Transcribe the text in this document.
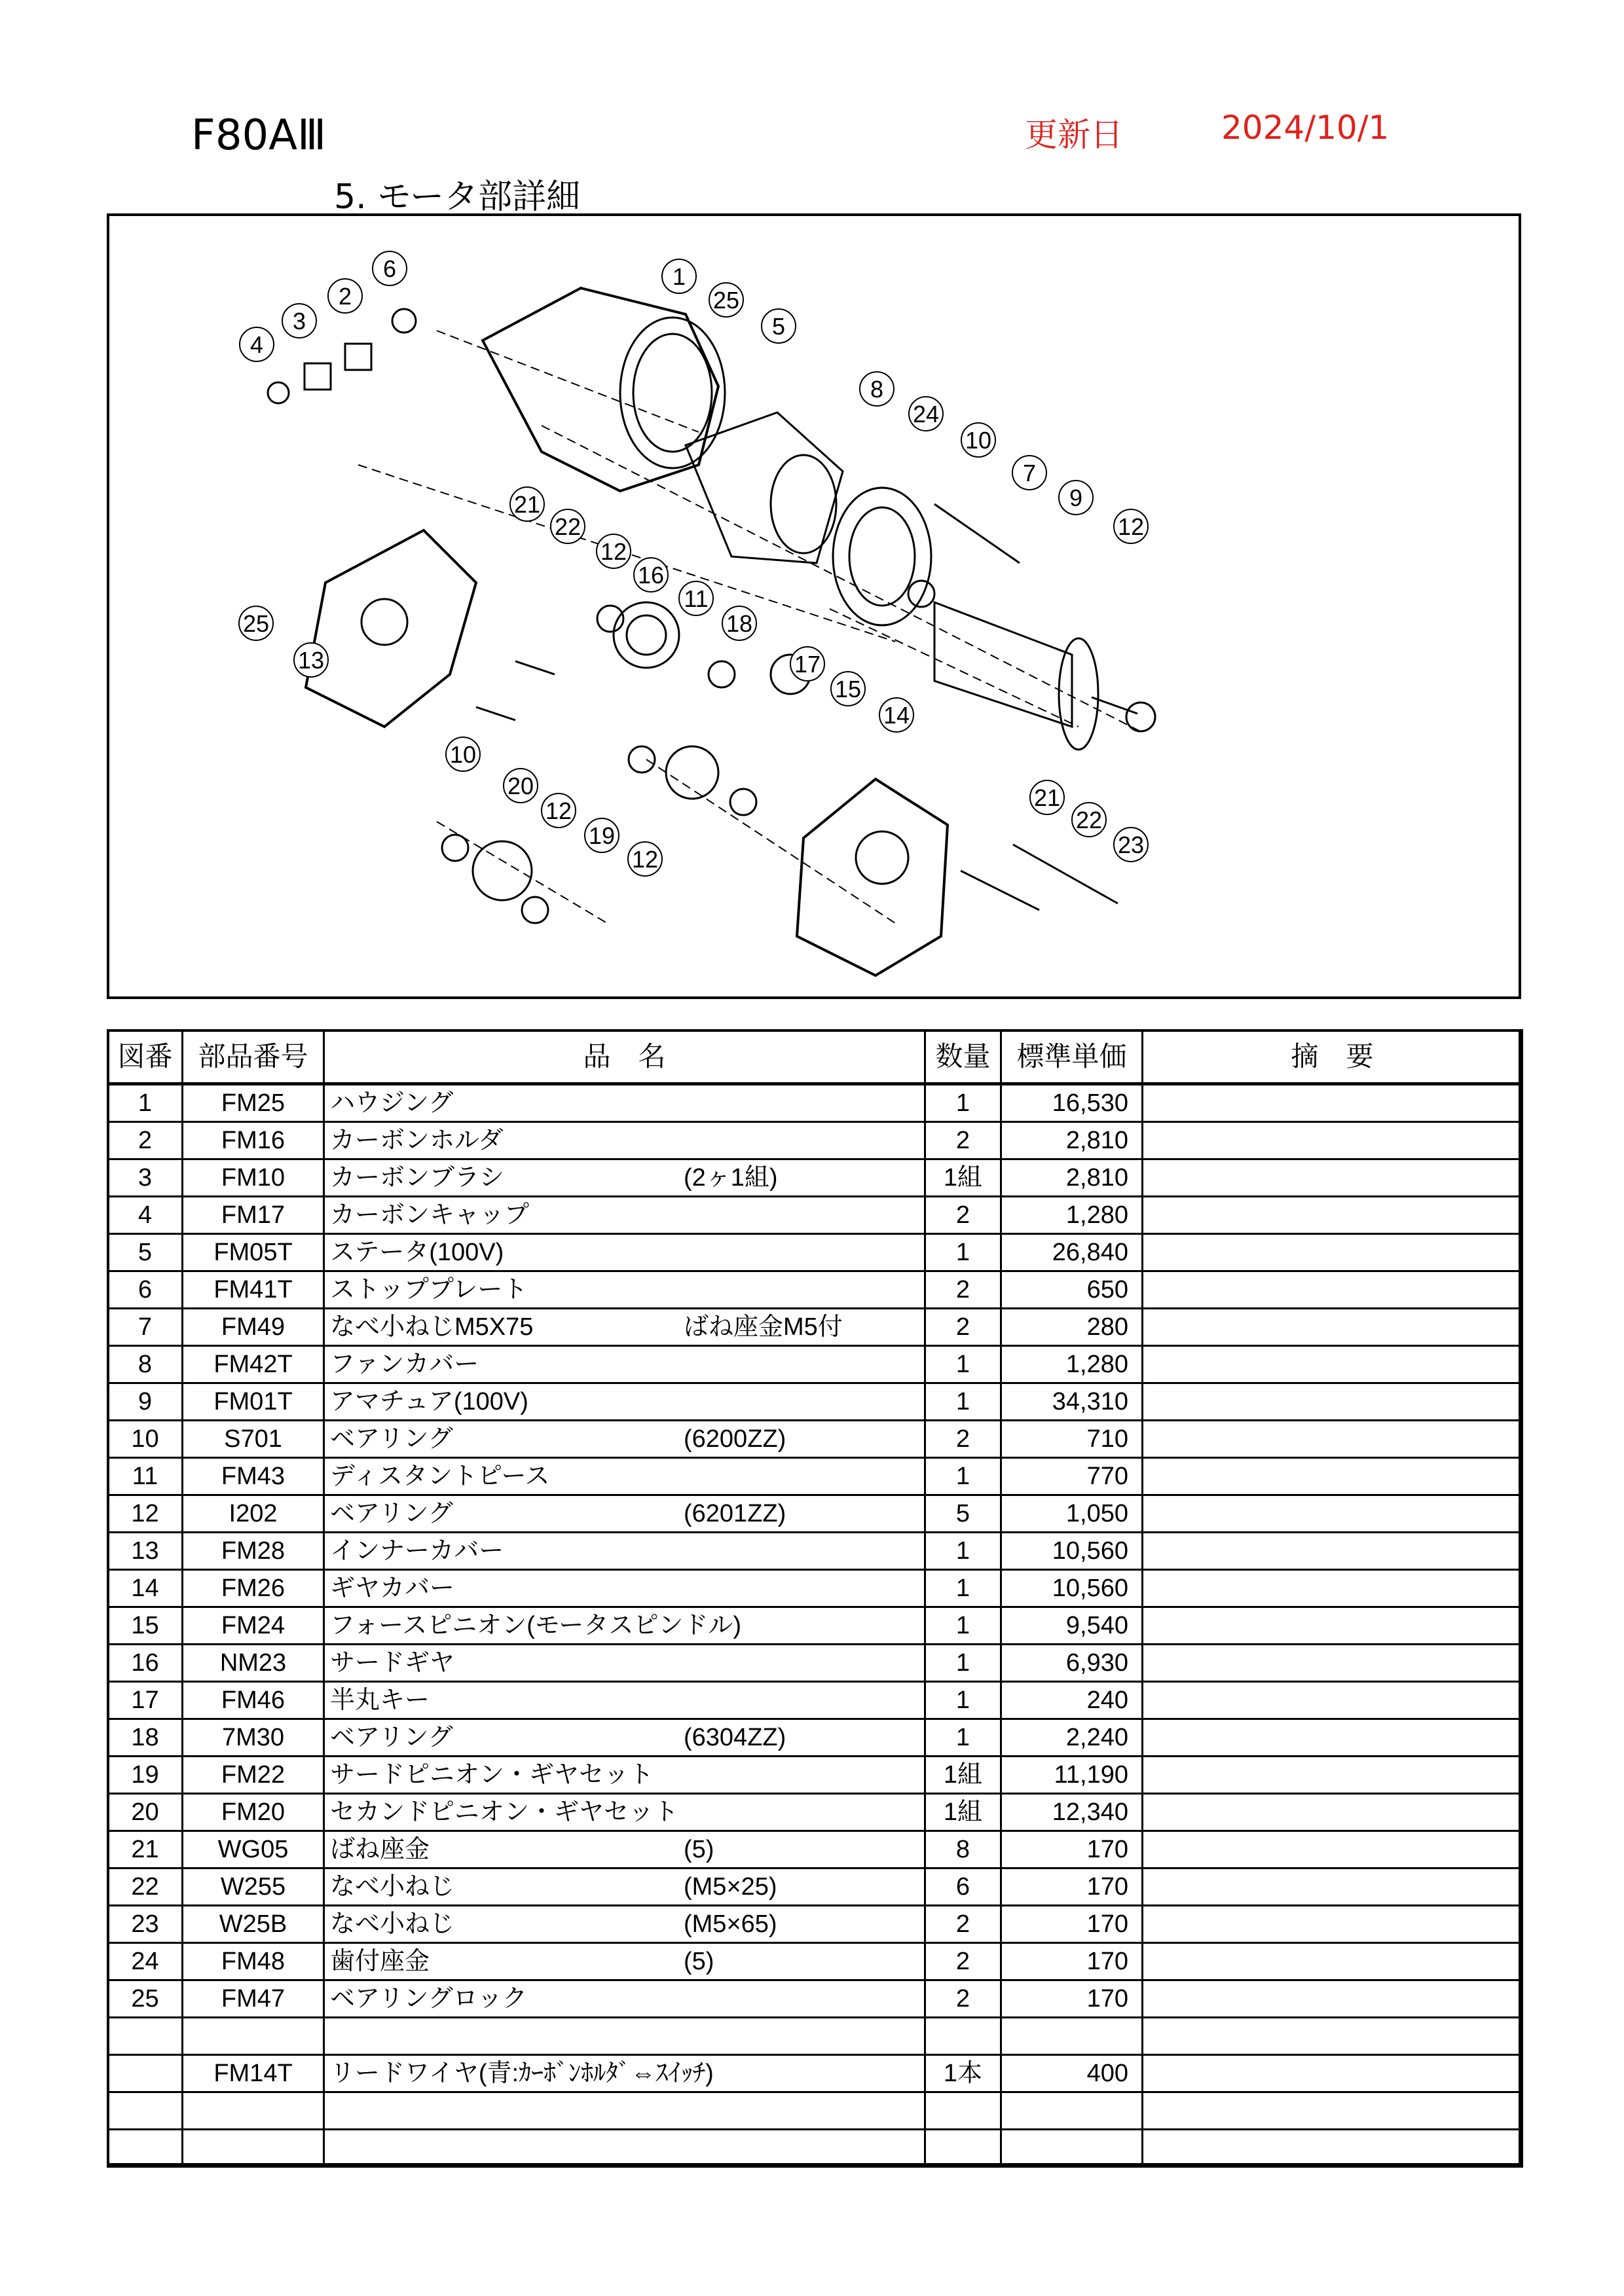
F80AⅢ	更新日	2024/10/1
5. モータ部詳細
1
2
3
4
5
6
7
8
9
10
10
11
12
12
12
12
13
14
15
16
17
18
19
20
21
21
22
22
23
24
25
25
図番	部品番号	品　名	数量	標準単価	摘　要
1	FM25	ハウジング	1	16,530	
2	FM16	カーボンホルダ	2	2,810	
3	FM10	カーボンブラシ (2ヶ1組)	1組	2,810	
4	FM17	カーボンキャップ	2	1,280	
5	FM05T	ステータ(100V)	1	26,840	
6	FM41T	ストッププレート	2	650	
7	FM49	なべ小ねじM5X75 ばね座金M5付	2	280	
8	FM42T	ファンカバー	1	1,280	
9	FM01T	アマチュア(100V)	1	34,310	
10	S701	ベアリング (6200ZZ)	2	710	
11	FM43	ディスタントピース	1	770	
12	I202	ベアリング (6201ZZ)	5	1,050	
13	FM28	インナーカバー	1	10,560	
14	FM26	ギヤカバー	1	10,560	
15	FM24	フォースピニオン(モータスピンドル)	1	9,540	
16	NM23	サードギヤ	1	6,930	
17	FM46	半丸キー	1	240	
18	7M30	ベアリング (6304ZZ)	1	2,240	
19	FM22	サードピニオン・ギヤセット	1組	11,190	
20	FM20	セカンドピニオン・ギヤセット	1組	12,340	
21	WG05	ばね座金 (5)	8	170	
22	W255	なべ小ねじ (M5×25)	6	170	
23	W25B	なべ小ねじ (M5×65)	2	170	
24	FM48	歯付座金 (5)	2	170	
25	FM47	ベアリングロック	2	170	

	FM14T	リードワイヤ(青:ｶｰﾎﾞﾝﾎﾙﾀﾞ⇔ｽｲｯﾁ)	1本	400	
